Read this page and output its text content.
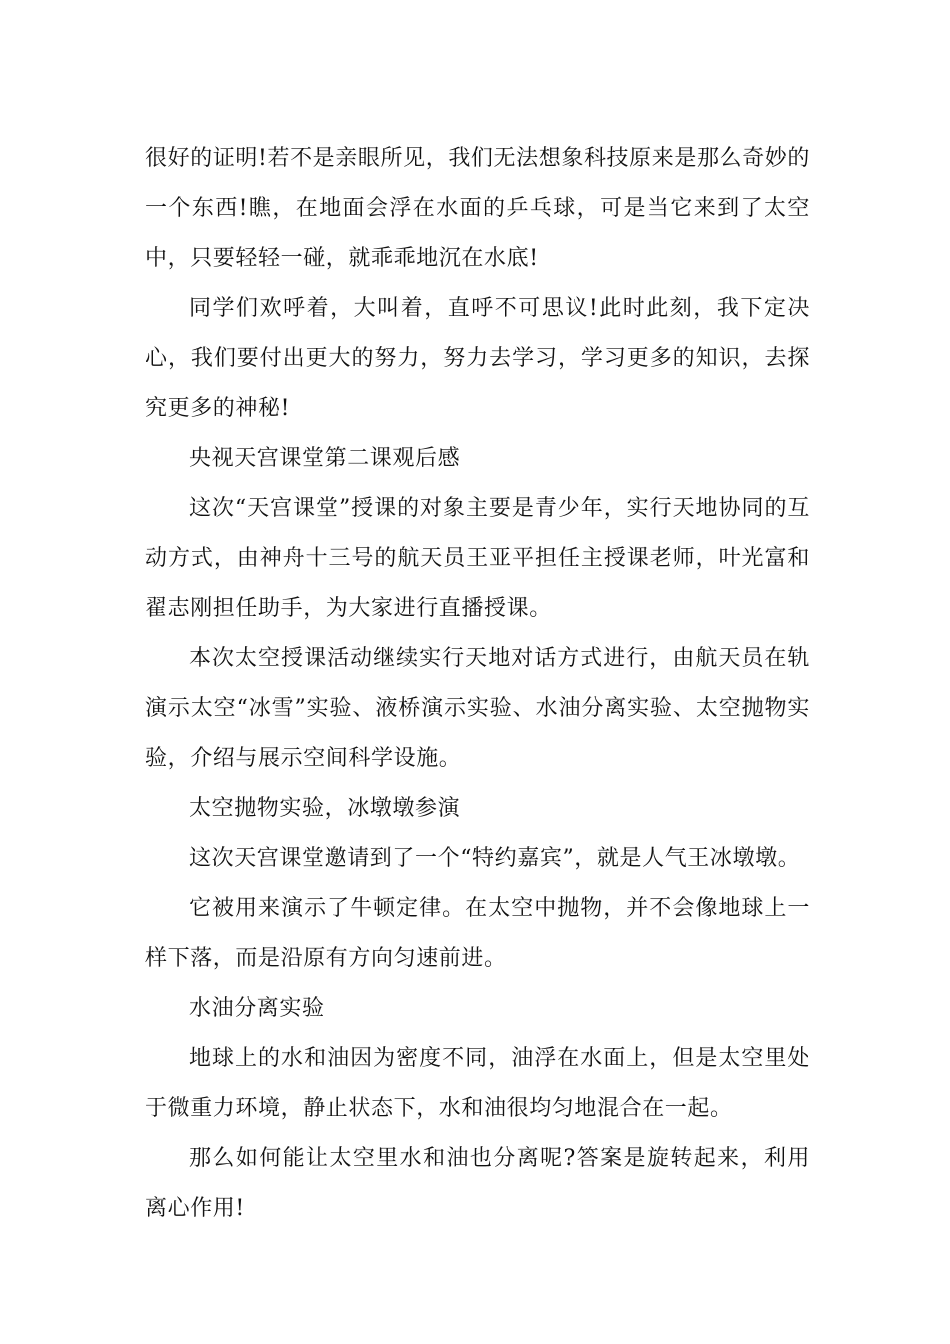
很好的证明!若不是亲眼所见，我们无法想象科技原来是那么奇妙的一个东西!瞧，在地面会浮在水面的乒乓球，可是当它来到了太空中，只要轻轻一碰，就乖乖地沉在水底!

同学们欢呼着，大叫着，直呼不可思议!此时此刻，我下定决心，我们要付出更大的努力，努力去学习，学习更多的知识，去探究更多的神秘!

央视天宫课堂第二课观后感

这次“天宫课堂”授课的对象主要是青少年，实行天地协同的互动方式，由神舟十三号的航天员王亚平担任主授课老师，叶光富和翟志刚担任助手，为大家进行直播授课。

本次太空授课活动继续实行天地对话方式进行，由航天员在轨演示太空“冰雪”实验、液桥演示实验、水油分离实验、太空抛物实验，介绍与展示空间科学设施。

太空抛物实验，冰墩墩参演

这次天宫课堂邀请到了一个“特约嘉宾”，就是人气王冰墩墩。

它被用来演示了牛顿定律。在太空中抛物，并不会像地球上一样下落，而是沿原有方向匀速前进。

水油分离实验

地球上的水和油因为密度不同，油浮在水面上，但是太空里处于微重力环境，静止状态下，水和油很均匀地混合在一起。

那么如何能让太空里水和油也分离呢?答案是旋转起来，利用离心作用!
